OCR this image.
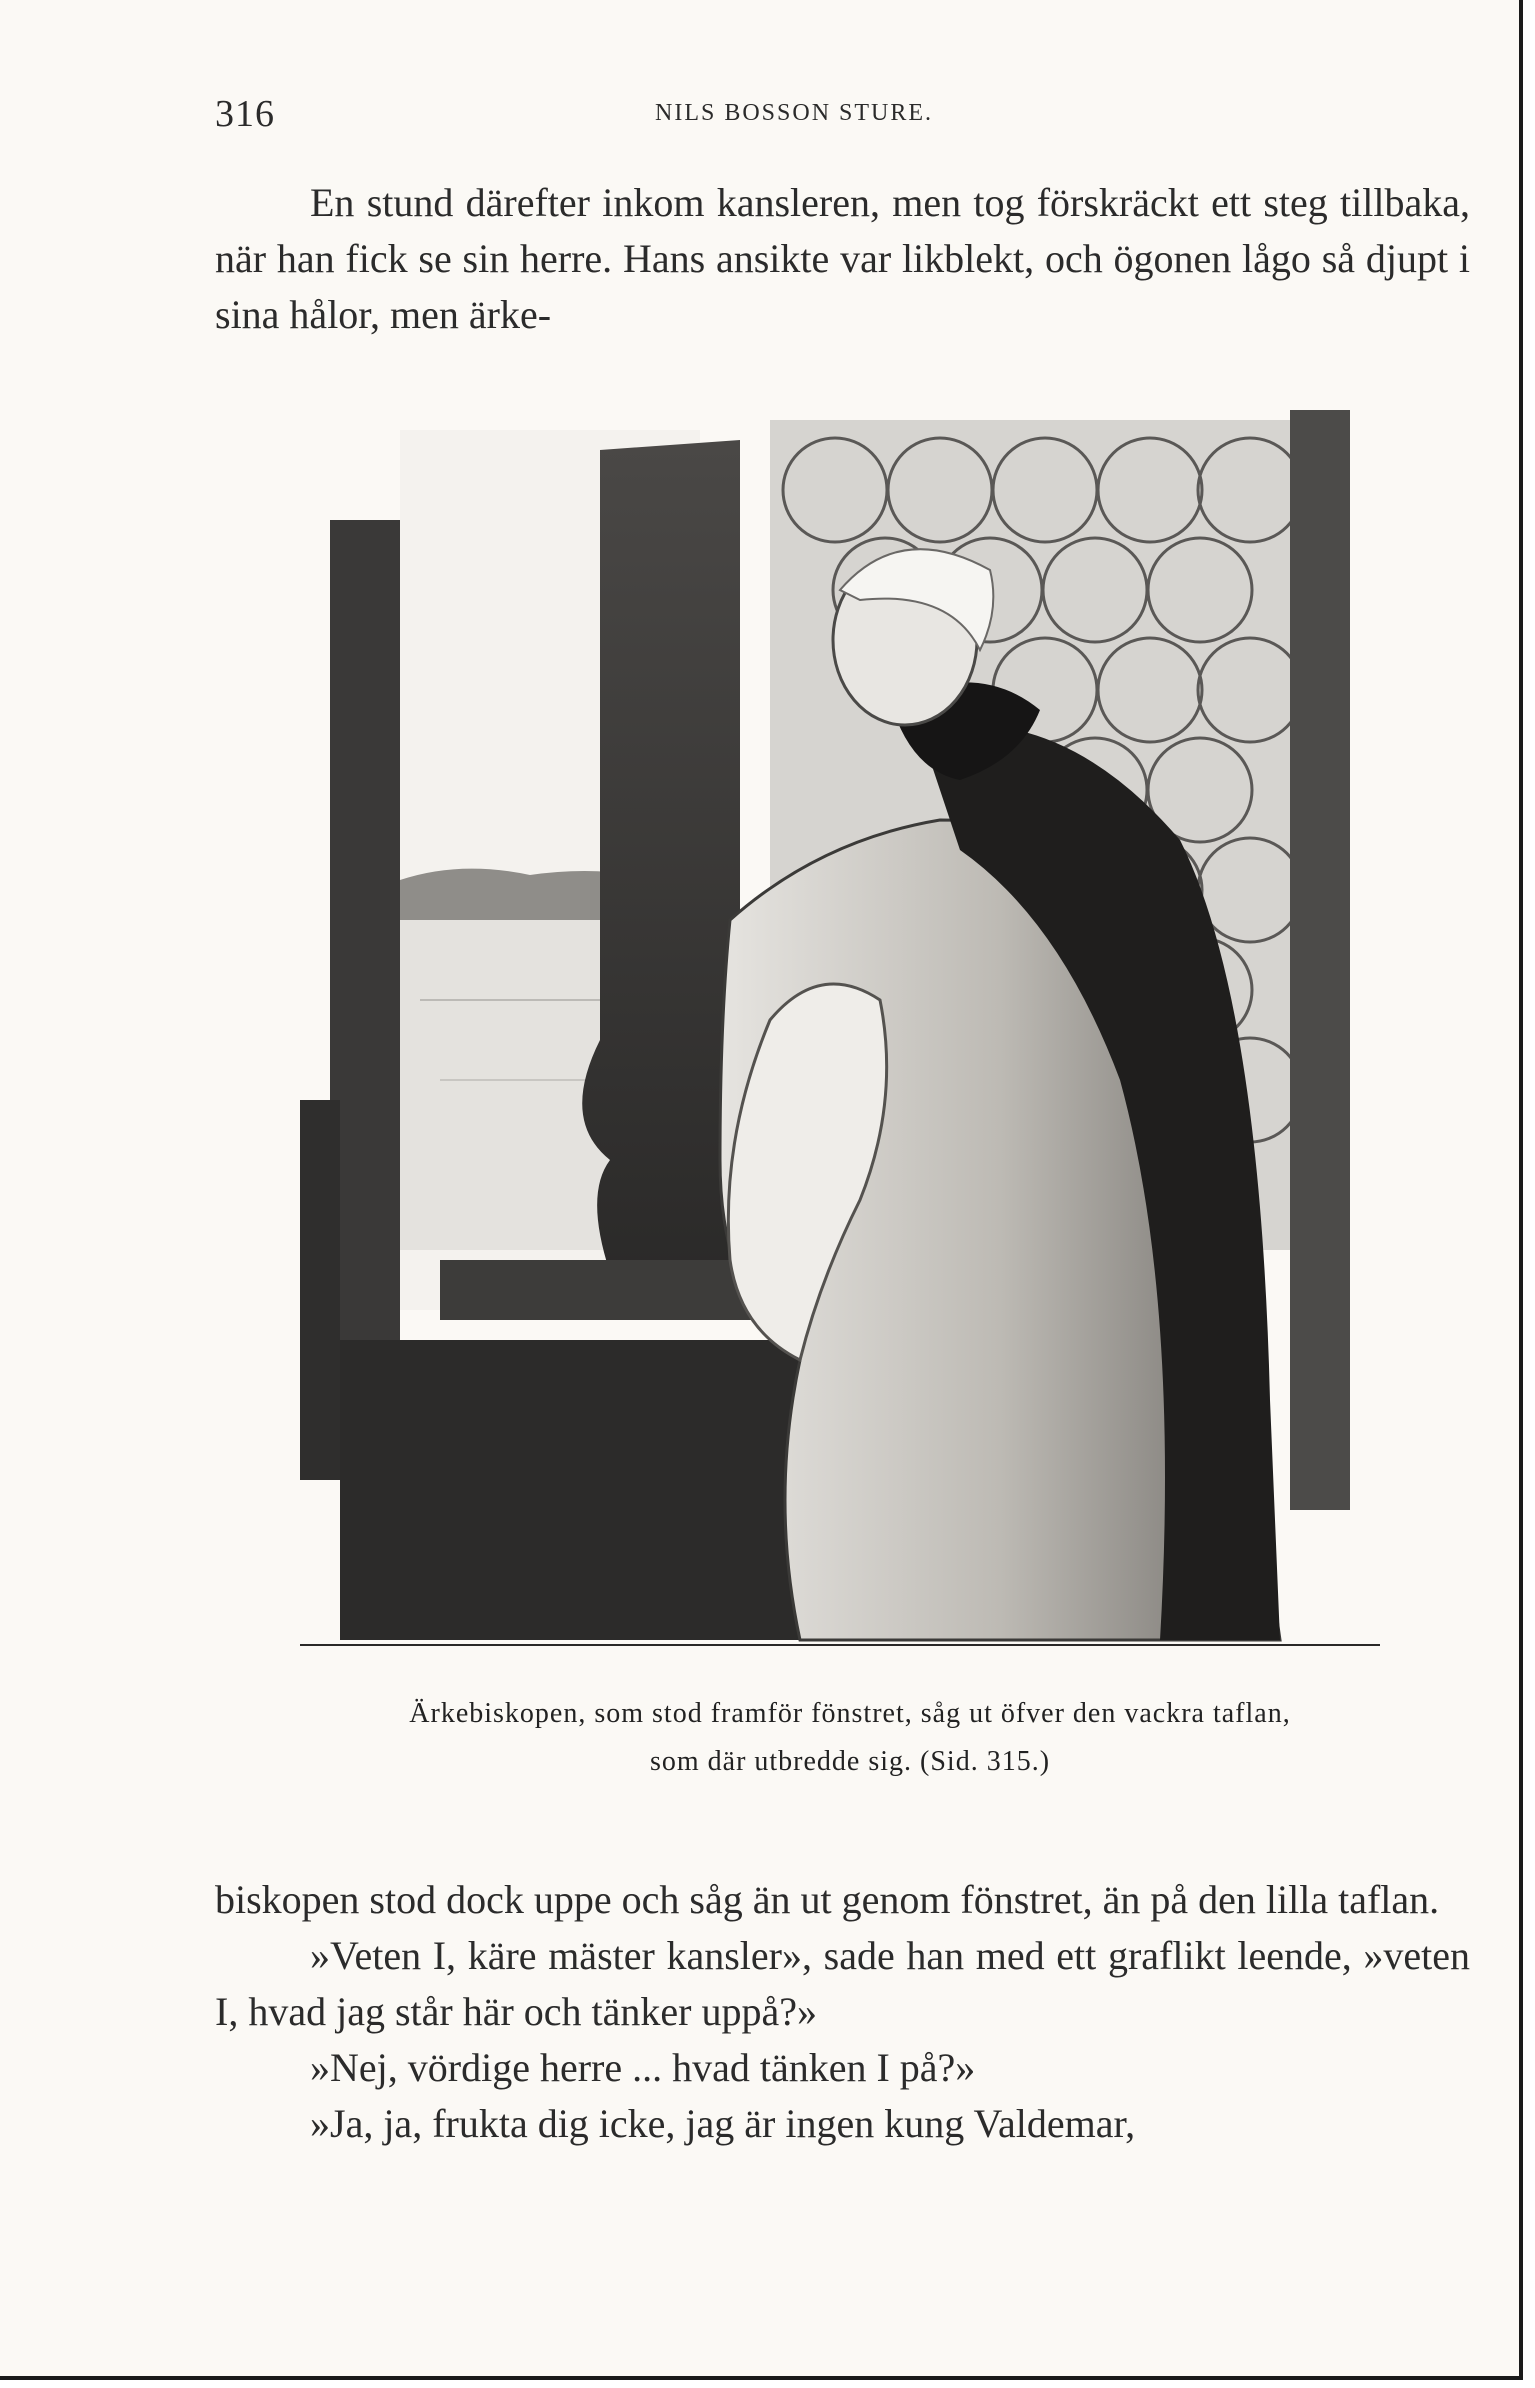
316	NILS BOSSON STURE.

En stund därefter inkom kansleren, men tog förskräckt ett steg tillbaka, när han fick se sin herre. Hans ansikte var likblekt, och ögonen lågo så djupt i sina hålor, men ärke-

Ärkebiskopen, som stod framför fönstret, såg ut öfver den vackra taflan,
som där utbredde sig. (Sid. 315.)

biskopen stod dock uppe och såg än ut genom fönstret, än på den lilla taflan.

»Veten I, käre mäster kansler», sade han med ett graflikt leende, »veten I, hvad jag står här och tänker uppå?»

»Nej, vördige herre ... hvad tänken I på?»

»Ja, ja, frukta dig icke, jag är ingen kung Valdemar,
